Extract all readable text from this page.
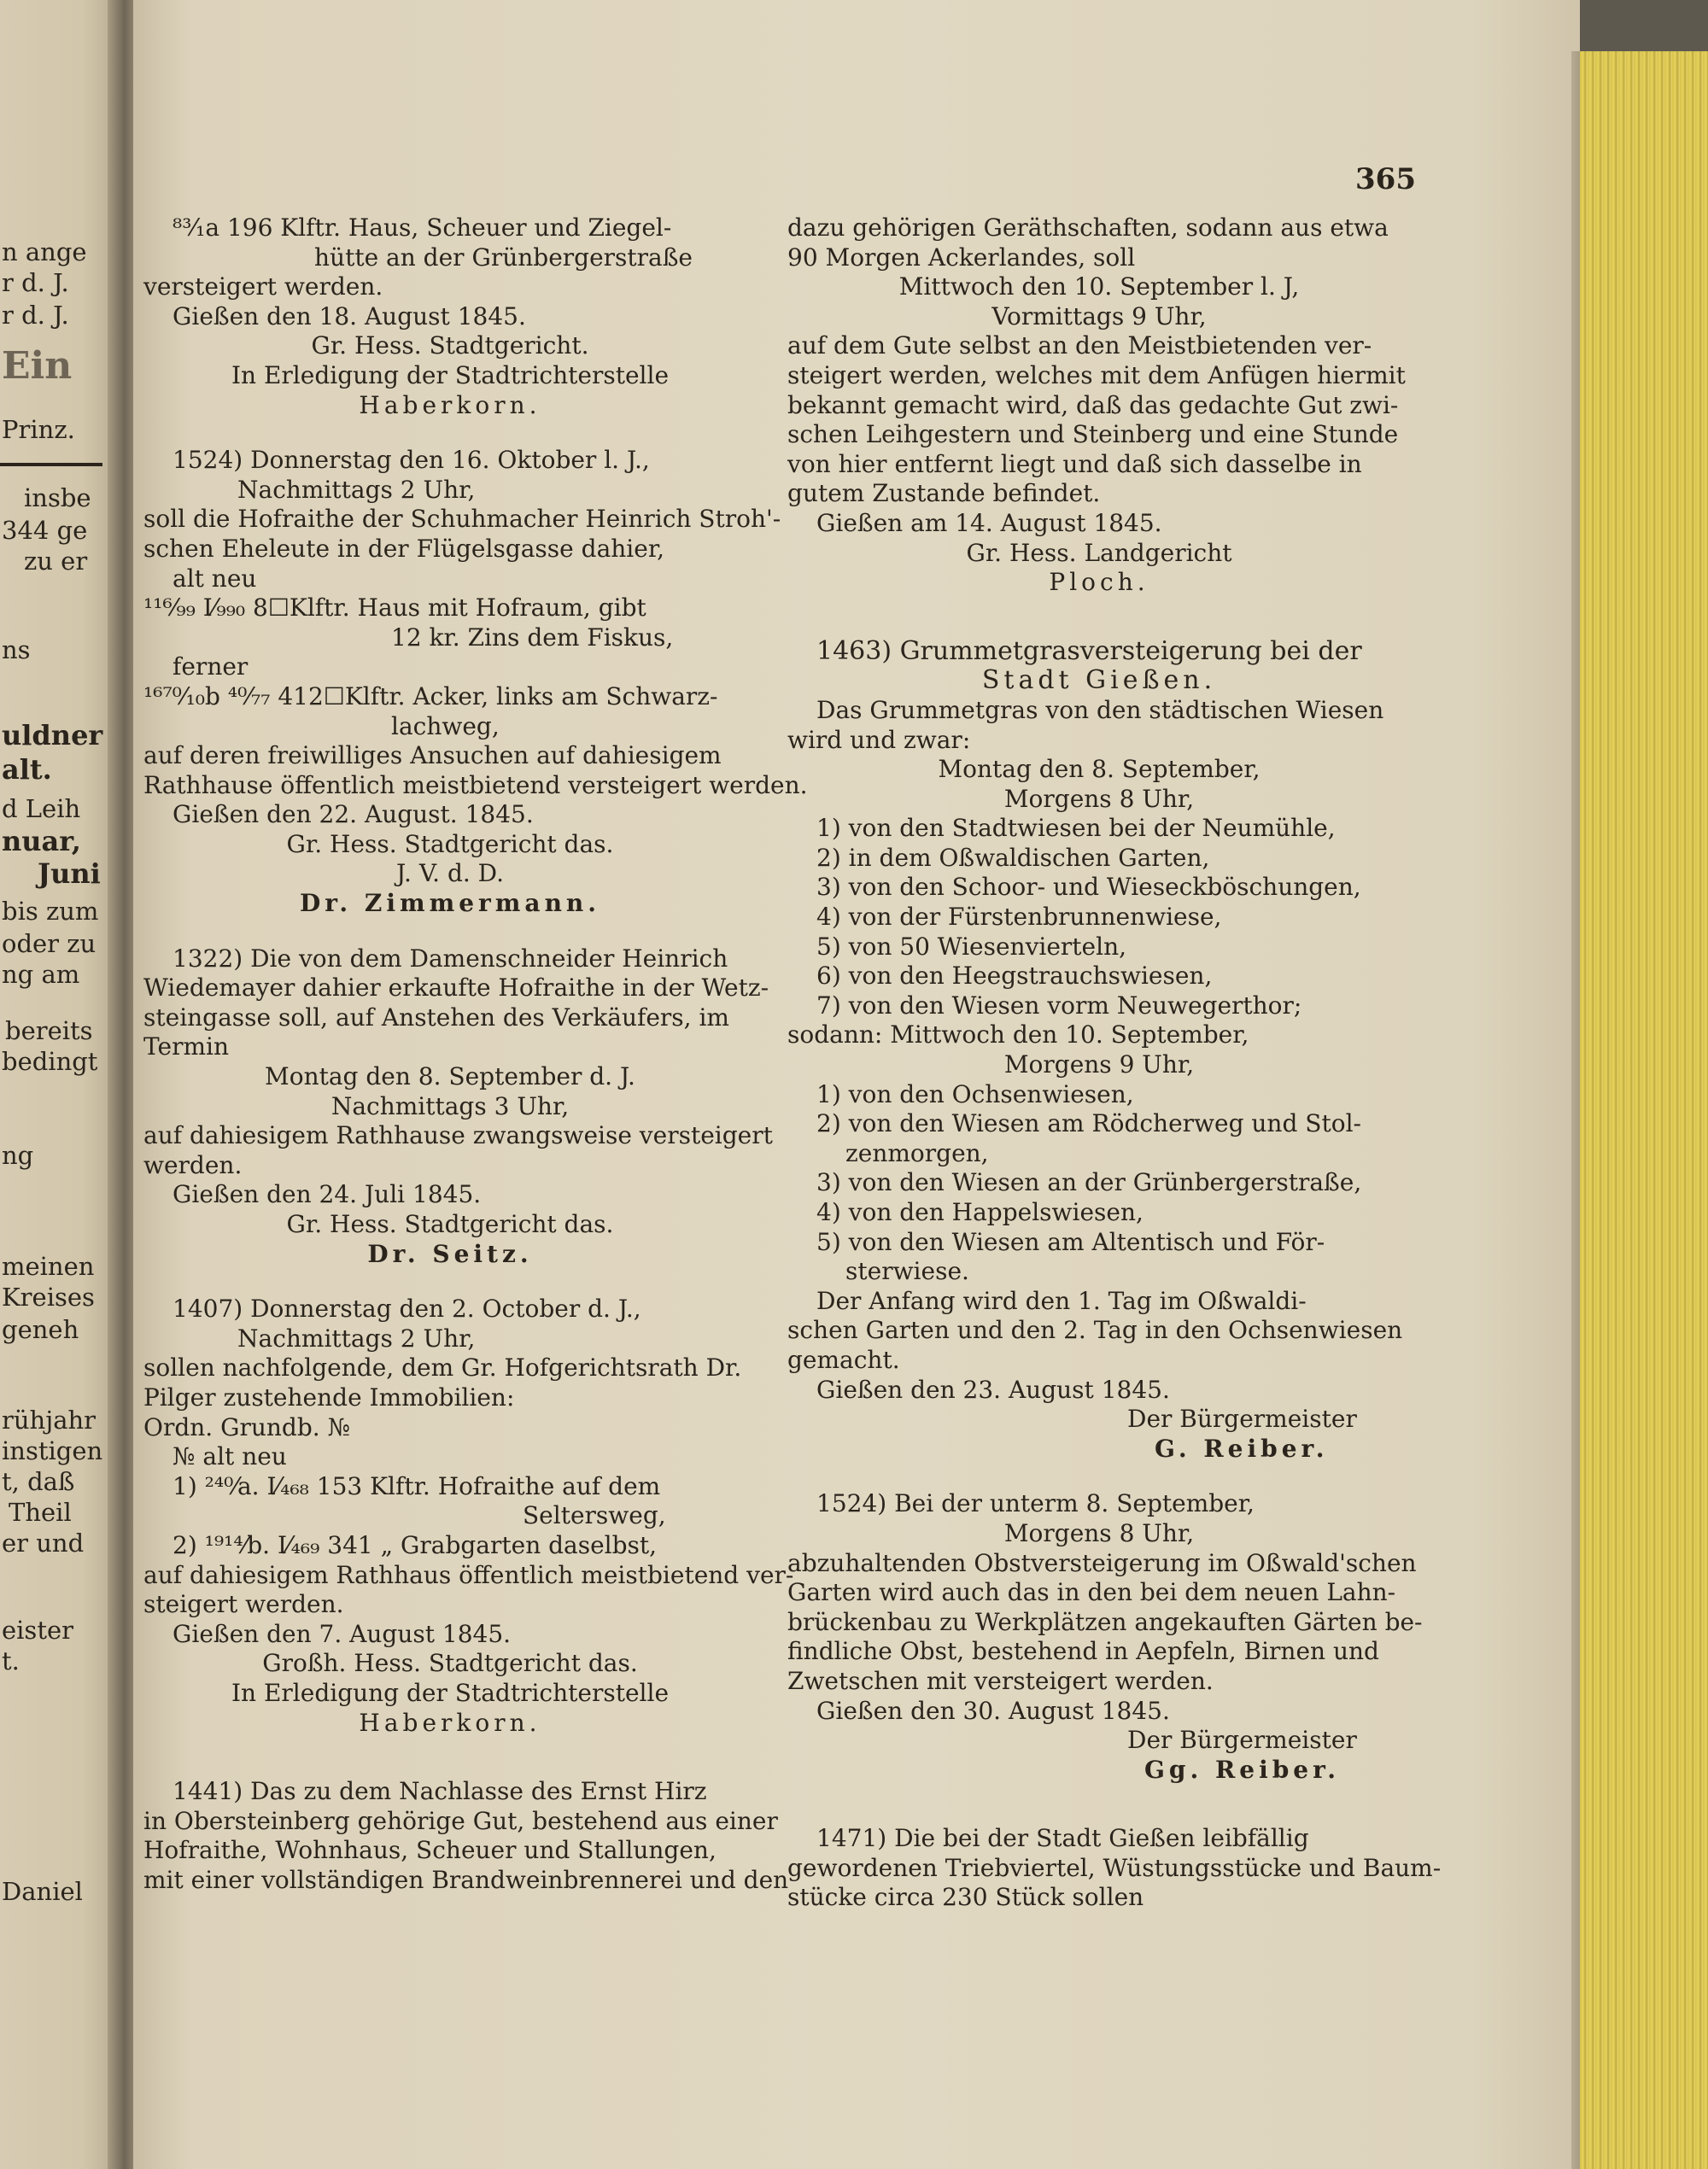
n ange
r d. J.
r d. J.
Ein
Prinz.
insbe
344 ge
zu er
ns
uldner
alt.
d Leih
nuar,
Juni
bis zum
oder zu
ng am
bereits
bedingt
ng
meinen
Kreises
geneh
rühjahr
instigen
t, daß
Theil
er und
eister
t.
Daniel
365
⁸³⁄₁a 196 Klftr. Haus, Scheuer und Ziegel-
hütte an der Grünbergerstraße
versteigert werden.
Gießen den 18. August 1845.
Gr. Hess. Stadtgericht.
In Erledigung der Stadtrichterstelle
Haberkorn.
1524) Donnerstag den 16. Oktober l. J.,
Nachmittags 2 Uhr,
soll die Hofraithe der Schuhmacher Heinrich Stroh'-
schen Eheleute in der Flügelsgasse dahier,
alt neu
¹¹⁶⁄₉₉ I⁄₉₉₀ 8☐Klftr. Haus mit Hofraum, gibt
12 kr. Zins dem Fiskus,
ferner
¹⁶⁷⁰⁄₁₀b ⁴⁰⁄₇₇ 412☐Klftr. Acker, links am Schwarz-
lachweg,
auf deren freiwilliges Ansuchen auf dahiesigem
Rathhause öffentlich meistbietend versteigert werden.
Gießen den 22. August. 1845.
Gr. Hess. Stadtgericht das.
J. V. d. D.
Dr. Zimmermann.
1322) Die von dem Damenschneider Heinrich
Wiedemayer dahier erkaufte Hofraithe in der Wetz-
steingasse soll, auf Anstehen des Verkäufers, im
Termin
Montag den 8. September d. J.
Nachmittags 3 Uhr,
auf dahiesigem Rathhause zwangsweise versteigert
werden.
Gießen den 24. Juli 1845.
Gr. Hess. Stadtgericht das.
Dr. Seitz.
1407) Donnerstag den 2. October d. J.,
Nachmittags 2 Uhr,
sollen nachfolgende, dem Gr. Hofgerichtsrath Dr.
Pilger zustehende Immobilien:
Ordn. Grundb. №
№ alt neu
1) ²⁴⁰⁄a. I⁄₄₆₈ 153 Klftr. Hofraithe auf dem
Seltersweg,
2) ¹⁹¹⁴⁄b. I⁄₄₆₉ 341 „ Grabgarten daselbst,
auf dahiesigem Rathhaus öffentlich meistbietend ver-
steigert werden.
Gießen den 7. August 1845.
Großh. Hess. Stadtgericht das.
In Erledigung der Stadtrichterstelle
Haberkorn.
1441) Das zu dem Nachlasse des Ernst Hirz
in Obersteinberg gehörige Gut, bestehend aus einer
Hofraithe, Wohnhaus, Scheuer und Stallungen,
mit einer vollständigen Brandweinbrennerei und den
dazu gehörigen Geräthschaften, sodann aus etwa
90 Morgen Ackerlandes, soll
Mittwoch den 10. September l. J,
Vormittags 9 Uhr,
auf dem Gute selbst an den Meistbietenden ver-
steigert werden, welches mit dem Anfügen hiermit
bekannt gemacht wird, daß das gedachte Gut zwi-
schen Leihgestern und Steinberg und eine Stunde
von hier entfernt liegt und daß sich dasselbe in
gutem Zustande befindet.
Gießen am 14. August 1845.
Gr. Hess. Landgericht
Ploch.
1463) Grummetgrasversteigerung bei der
Stadt Gießen.
Das Grummetgras von den städtischen Wiesen
wird und zwar:
Montag den 8. September,
Morgens 8 Uhr,
1) von den Stadtwiesen bei der Neumühle,
2) in dem Oßwaldischen Garten,
3) von den Schoor- und Wieseckböschungen,
4) von der Fürstenbrunnenwiese,
5) von 50 Wiesenvierteln,
6) von den Heegstrauchswiesen,
7) von den Wiesen vorm Neuwegerthor;
sodann: Mittwoch den 10. September,
Morgens 9 Uhr,
1) von den Ochsenwiesen,
2) von den Wiesen am Rödcherweg und Stol-
zenmorgen,
3) von den Wiesen an der Grünbergerstraße,
4) von den Happelswiesen,
5) von den Wiesen am Altentisch und För-
sterwiese.
Der Anfang wird den 1. Tag im Oßwaldi-
schen Garten und den 2. Tag in den Ochsenwiesen
gemacht.
Gießen den 23. August 1845.
Der Bürgermeister
G. Reiber.
1524) Bei der unterm 8. September,
Morgens 8 Uhr,
abzuhaltenden Obstversteigerung im Oßwald'schen
Garten wird auch das in den bei dem neuen Lahn-
brückenbau zu Werkplätzen angekauften Gärten be-
findliche Obst, bestehend in Aepfeln, Birnen und
Zwetschen mit versteigert werden.
Gießen den 30. August 1845.
Der Bürgermeister
Gg. Reiber.
1471) Die bei der Stadt Gießen leibfällig
gewordenen Triebviertel, Wüstungsstücke und Baum-
stücke circa 230 Stück sollen
